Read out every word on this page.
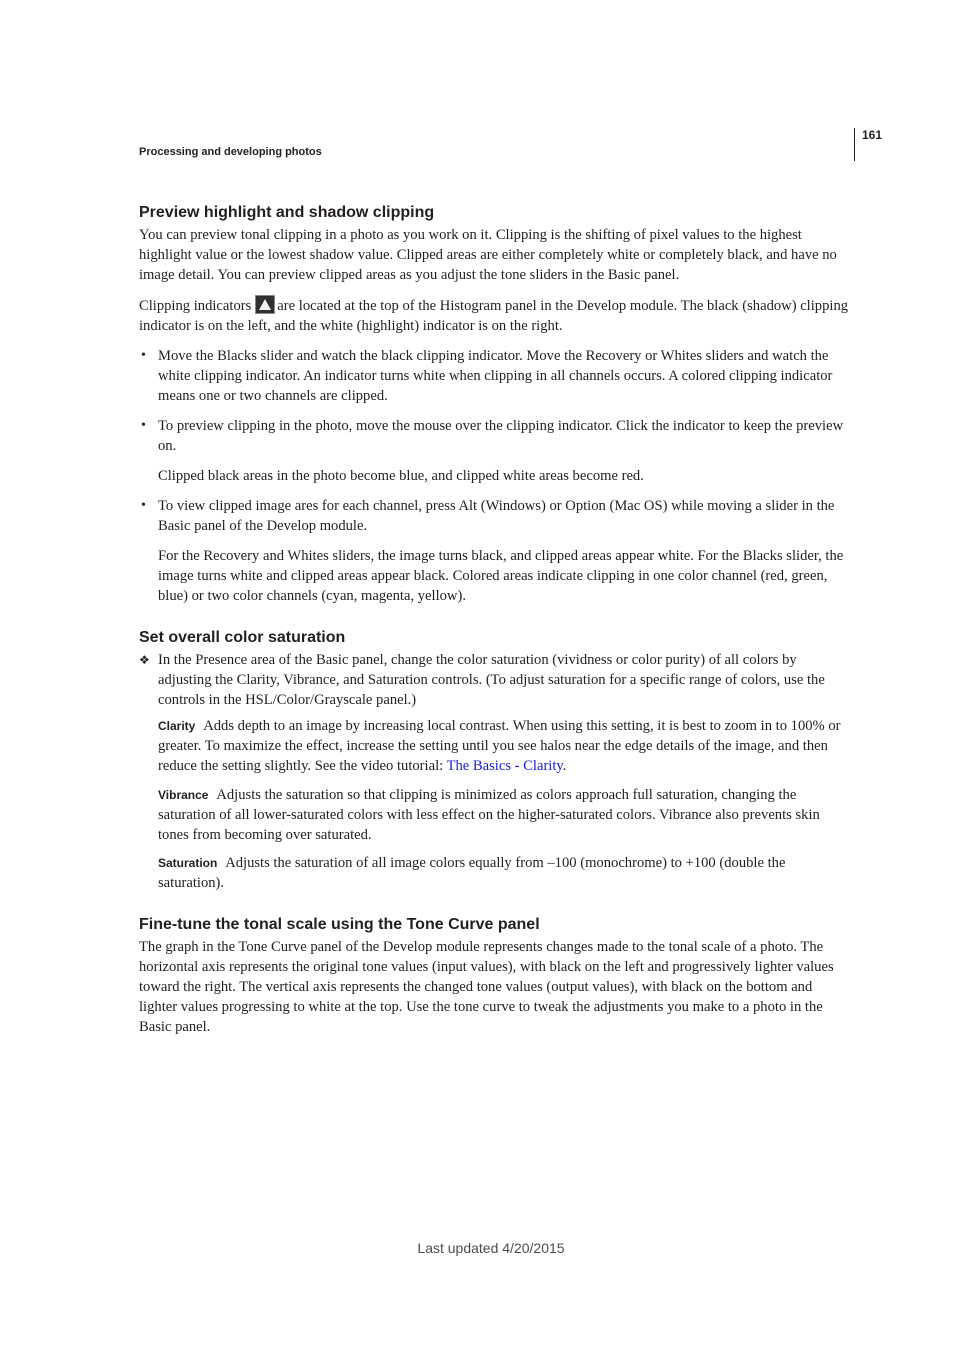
161
Processing and developing photos
Preview highlight and shadow clipping

You can preview tonal clipping in a photo as you work on it. Clipping is the shifting of pixel values to the highest highlight value or the lowest shadow value. Clipped areas are either completely white or completely black, and have no image detail. You can preview clipped areas as you adjust the tone sliders in the Basic panel.

Clipping indicators are located at the top of the Histogram panel in the Develop module. The black (shadow) clipping indicator is on the left, and the white (highlight) indicator is on the right.

• Move the Blacks slider and watch the black clipping indicator. Move the Recovery or Whites sliders and watch the white clipping indicator. An indicator turns white when clipping in all channels occurs. A colored clipping indicator means one or two channels are clipped.

• To preview clipping in the photo, move the mouse over the clipping indicator. Click the indicator to keep the preview on.

Clipped black areas in the photo become blue, and clipped white areas become red.

• To view clipped image ares for each channel, press Alt (Windows) or Option (Mac OS) while moving a slider in the Basic panel of the Develop module.

For the Recovery and Whites sliders, the image turns black, and clipped areas appear white. For the Blacks slider, the image turns white and clipped areas appear black. Colored areas indicate clipping in one color channel (red, green, blue) or two color channels (cyan, magenta, yellow).

Set overall color saturation
❖ In the Presence area of the Basic panel, change the color saturation (vividness or color purity) of all colors by adjusting the Clarity, Vibrance, and Saturation controls. (To adjust saturation for a specific range of colors, use the controls in the HSL/Color/Grayscale panel.)

Clarity Adds depth to an image by increasing local contrast. When using this setting, it is best to zoom in to 100% or greater. To maximize the effect, increase the setting until you see halos near the edge details of the image, and then reduce the setting slightly. See the video tutorial: The Basics - Clarity.

Vibrance Adjusts the saturation so that clipping is minimized as colors approach full saturation, changing the saturation of all lower-saturated colors with less effect on the higher-saturated colors. Vibrance also prevents skin tones from becoming over saturated.

Saturation Adjusts the saturation of all image colors equally from –100 (monochrome) to +100 (double the saturation).

Fine-tune the tonal scale using the Tone Curve panel

The graph in the Tone Curve panel of the Develop module represents changes made to the tonal scale of a photo. The horizontal axis represents the original tone values (input values), with black on the left and progressively lighter values toward the right. The vertical axis represents the changed tone values (output values), with black on the bottom and lighter values progressing to white at the top. Use the tone curve to tweak the adjustments you make to a photo in the Basic panel.

Last updated 4/20/2015
